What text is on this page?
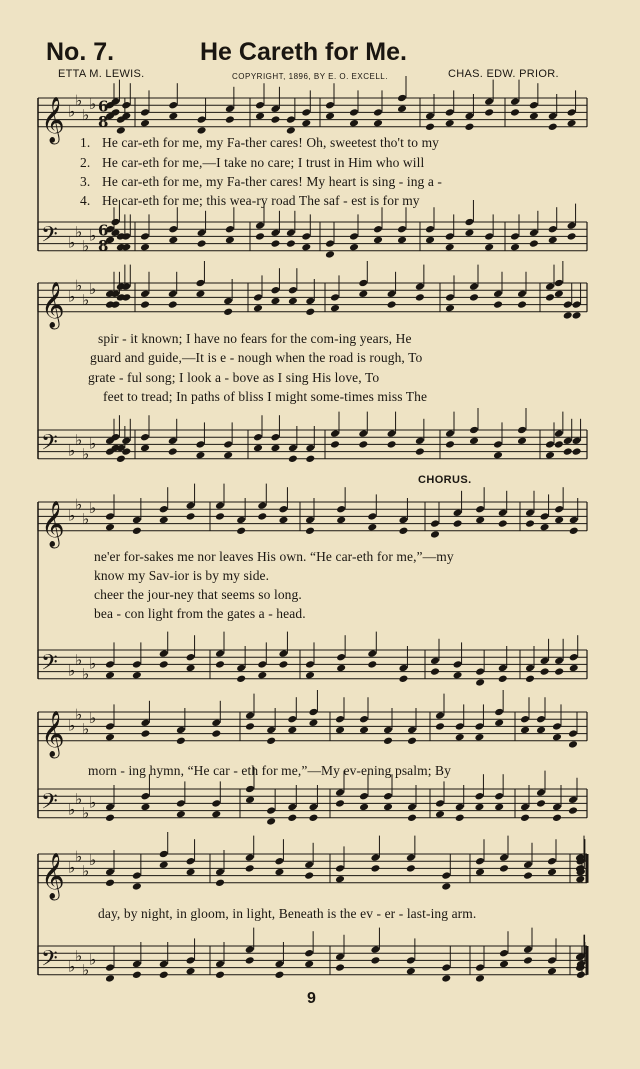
No. 7.	He Careth for Me.
ETTA M. LEWIS.	COPYRIGHT, 1896, BY E. O. EXCELL.	CHAS. EDW. PRIOR.
𝄞 ♭
♭
♭
♭
𝄢 ♭
♭
♭
♭
6
8
6
8
𝄞 ♭
♭
♭
♭
𝄢 ♭
♭
♭
♭
𝄞 ♭
♭
♭
♭
𝄢 ♭
♭
♭
♭
𝄞 ♭
♭
♭
♭
𝄢 ♭
♭
♭
♭
𝄞 ♭
♭
♭
♭
𝄢 ♭
♭
♭
♭
1. He car-eth for me, my Fa-ther cares! Oh, sweetest tho't to my
2. He car-eth for me,—I take no care; I trust in Him who will
3. He car-eth for me, my Fa-ther cares! My heart is sing - ing a -
4. He car-eth for me; this wea-ry road The saf - est is for my
spir - it known; I have no fears for the com-ing years, He
guard and guide,—It is e - nough when the road is rough, To
grate - ful song; I look a - bove as I sing His love, To
feet to tread; In paths of bliss I might some-times miss The
CHORUS.
ne'er for-sakes me nor leaves His own. “He car-eth for me,”—my
know my Sav-ior is by my side.
cheer the jour-ney that seems so long.
bea - con light from the gates a - head.
morn - ing hymn, “He car - eth for me,”—My ev-ening psalm; By
day, by night, in gloom, in light, Beneath is the ev - er - last-ing arm.
9
